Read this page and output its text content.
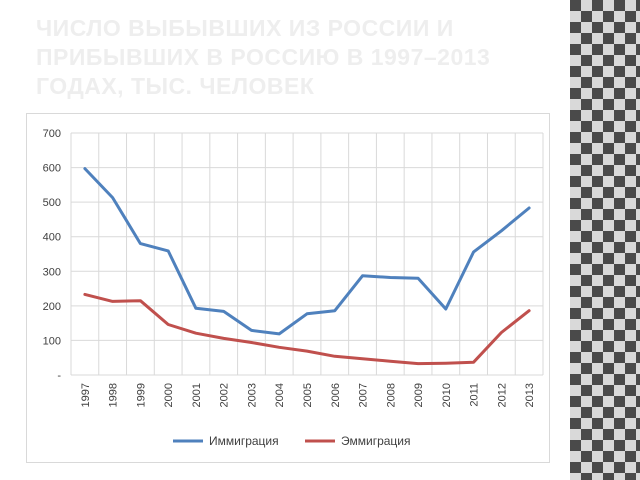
ЧИСЛО ВЫБЫВШИХ ИЗ РОССИИ И ПРИБЫВШИХ В РОССИЮ В 1997–2013 ГОДАХ, ТЫС. ЧЕЛОВЕК
-
100
200
300
400
500
600
700
1997 1998 1999 2000 2001 2002 2003 2004 2005 2006 2007 2008 2009 2010 2011 2012 2013
Иммиграция	Эммиграция
